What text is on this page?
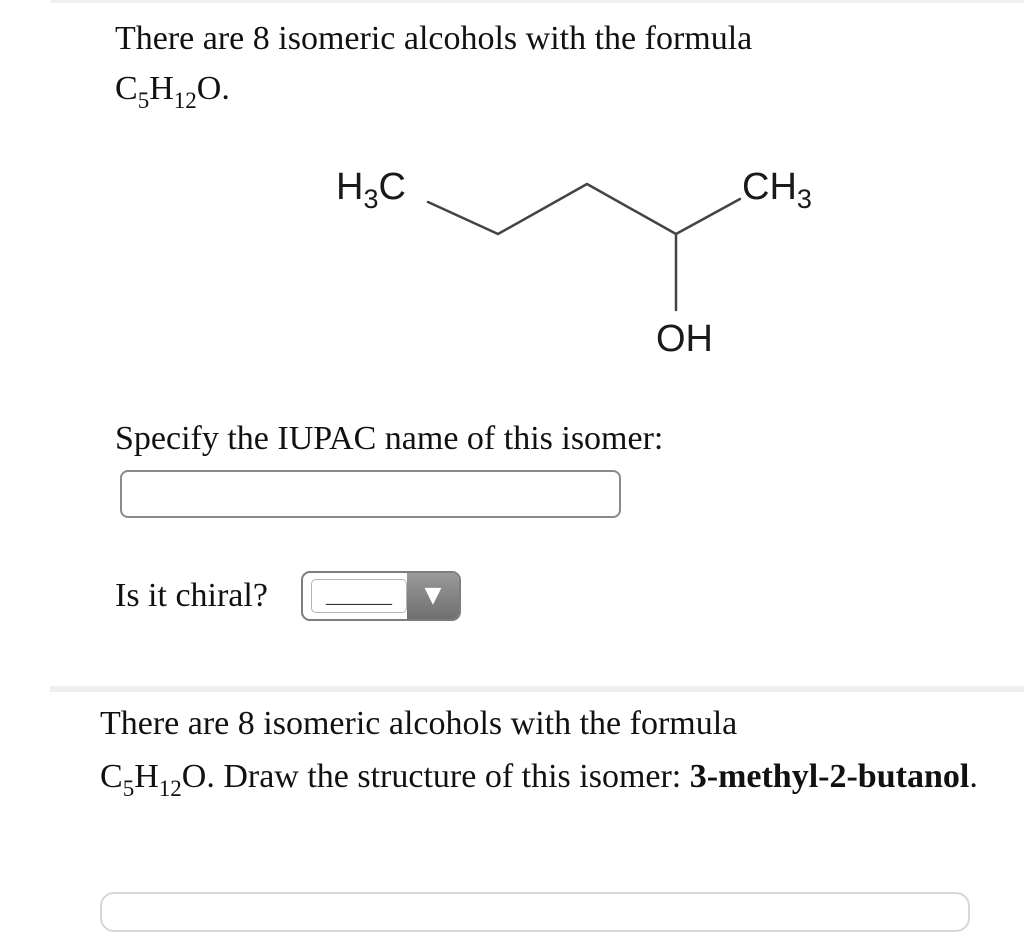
There are 8 isomeric alcohols with the formula
$C_5H_{12}O$.
$H_3C$	$CH_3$
OH
Specify the IUPAC name of this isomer:
Is it chiral?	______	▼
There are 8 isomeric alcohols with the formula
$C_5H_{12}O$. Draw the structure of this isomer: 3-methyl-2-butanol.
